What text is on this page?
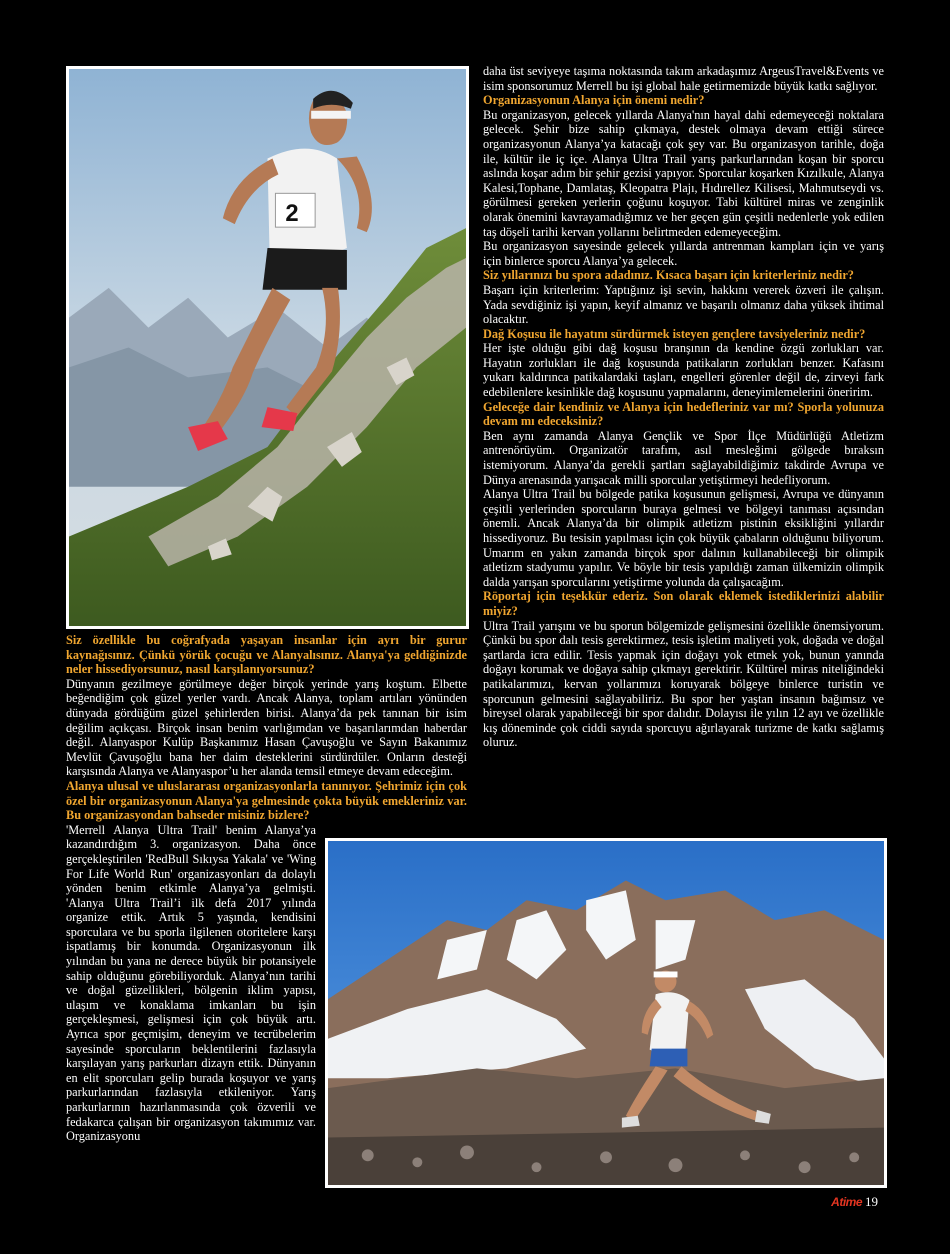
2

Siz özellikle bu coğrafyada yaşayan insanlar için ayrı bir gurur kaynağısınız. Çünkü yörük çocuğu ve Alanyalısınız. Alanya'ya geldiğinizde neler hissediyorsunuz, nasıl karşılanıyorsunuz?

Dünyanın gezilmeye görülmeye değer birçok yerinde yarış koştum. Elbette beğendiğim çok güzel yerler vardı. Ancak Alanya, toplam artıları yönünden dünyada gördüğüm güzel şehirlerden birisi. Alanya’da pek tanınan bir isim değilim açıkçası. Birçok insan benim varlığımdan ve başarılarımdan haberdar değil. Alanyaspor Kulüp Başkanımız Hasan Çavuşoğlu ve Sayın Bakanımız Mevlüt Çavuşoğlu bana her daim desteklerini sürdürdüler. Onların desteği karşısında Alanya ve Alanyaspor’u her alanda temsil etmeye devam edeceğim.

Alanya ulusal ve uluslararası organizasyonlarla tanınıyor. Şehrimiz için çok özel bir organizasyonun Alanya'ya gelmesinde çokta büyük emekleriniz var. Bu organizasyondan bahseder misiniz bizlere?

'Merrell Alanya Ultra Trail' benim Alanya’ya kazandırdığım 3. organizasyon. Daha önce gerçekleştirilen 'RedBull Sıkıysa Yakala' ve 'Wing For Life World Run' organizasyonları da dolaylı yönden benim etkimle Alanya’ya gelmişti. 'Alanya Ultra Trail’i ilk defa 2017 yılında organize ettik. Artık 5 yaşında, kendisini sporculara ve bu sporla ilgilenen otoritelere karşı ispatlamış bir konumda. Organizasyonun ilk yılından bu yana ne derece büyük bir potansiyele sahip olduğunu görebiliyorduk. Alanya’nın tarihi ve doğal güzellikleri, bölgenin iklim yapısı, ulaşım ve konaklama imkanları bu işin gerçekleşmesi, gelişmesi için çok büyük artı. Ayrıca spor geçmişim, deneyim ve tecrübelerim sayesinde sporcuların beklentilerini fazlasıyla karşılayan yarış parkurları dizayn ettik. Dünyanın en elit sporcuları gelip burada koşuyor ve yarış parkurlarından fazlasıyla etkileniyor. Yarış parkurlarının hazırlanmasında çok özverili ve fedakarca çalışan bir organizasyon takımımız var. Organizasyonu

daha üst seviyeye taşıma noktasında takım arkadaşımız ArgeusTravel&Events ve isim sponsorumuz Merrell bu işi global hale getirmemizde büyük katkı sağlıyor.

Organizasyonun Alanya için önemi nedir?

Bu organizasyon, gelecek yıllarda Alanya'nın hayal dahi edemeyeceği noktalara gelecek. Şehir bize sahip çıkmaya, destek olmaya devam ettiği sürece organizasyonun Alanya’ya katacağı çok şey var. Bu organizasyon tarihle, doğa ile, kültür ile iç içe. Alanya Ultra Trail yarış parkurlarından koşan bir sporcu aslında koşar adım bir şehir gezisi yapıyor. Sporcular koşarken Kızılkule, Alanya Kalesi,Tophane, Damlataş, Kleopatra Plajı, Hıdırellez Kilisesi, Mahmutseydi vs. görülmesi gereken yerlerin çoğunu koşuyor. Tabi kültürel miras ve zenginlik olarak önemini kavrayamadığımız ve her geçen gün çeşitli nedenlerle yok edilen taş döşeli tarihi kervan yollarını belirtmeden edemeyeceğim.

Bu organizasyon sayesinde gelecek yıllarda antrenman kampları için ve yarış için binlerce sporcu Alanya’ya gelecek.

Siz yıllarınızı bu spora adadınız. Kısaca başarı için kriterleriniz nedir?

Başarı için kriterlerim: Yaptığınız işi sevin, hakkını vererek özveri ile çalışın. Yada sevdiğiniz işi yapın, keyif almanız ve başarılı olmanız daha yüksek ihtimal olacaktır.

Dağ Koşusu ile hayatını sürdürmek isteyen gençlere tavsiyeleriniz nedir?

Her işte olduğu gibi dağ koşusu branşının da kendine özgü zorlukları var. Hayatın zorlukları ile dağ koşusunda patikaların zorlukları benzer. Kafasını yukarı kaldırınca patikalardaki taşları, engelleri görenler değil de, zirveyi fark edebilenlere kesinlikle dağ koşusunu yapmalarını, deneyimlemelerini öneririm.

Geleceğe dair kendiniz ve Alanya için hedefleriniz var mı? Sporla yolunuza devam mı edeceksiniz?

Ben aynı zamanda Alanya Gençlik ve Spor İlçe Müdürlüğü Atletizm antrenörüyüm. Organizatör tarafım, asıl mesleğimi gölgede bıraksın istemiyorum. Alanya’da gerekli şartları sağlayabildiğimiz takdirde Avrupa ve Dünya arenasında yarışacak milli sporcular yetiştirmeyi hedefliyorum.

Alanya Ultra Trail bu bölgede patika koşusunun gelişmesi, Avrupa ve dünyanın çeşitli yerlerinden sporcuların buraya gelmesi ve bölgeyi tanıması açısından önemli. Ancak Alanya’da bir olimpik atletizm pistinin eksikliğini yıllardır hissediyoruz. Bu tesisin yapılması için çok büyük çabaların olduğunu biliyorum. Umarım en yakın zamanda birçok spor dalının kullanabileceği bir olimpik atletizm stadyumu yapılır. Ve böyle bir tesis yapıldığı zaman ülkemizin olimpik dalda yarışan sporcularını yetiştirme yolunda da çalışacağım.

Röportaj için teşekkür ederiz. Son olarak eklemek istediklerinizi alabilir miyiz?

Ultra Trail yarışını ve bu sporun bölgemizde gelişmesini özellikle önemsiyorum. Çünkü bu spor dalı tesis gerektirmez, tesis işletim maliyeti yok, doğada ve doğal şartlarda icra edilir. Tesis yapmak için doğayı yok etmek yok, bunun yanında doğayı korumak ve doğaya sahip çıkmayı gerektirir. Kültürel miras niteliğindeki patikalarımızı, kervan yollarımızı koruyarak bölgeye binlerce turistin ve sporcunun gelmesini sağlayabiliriz. Bu spor her yaştan insanın bağımsız ve bireysel olarak yapabileceği bir spor dalıdır. Dolayısı ile yılın 12 ayı ve özellikle kış döneminde çok ciddi sayıda sporcuyu ağırlayarak turizme de katkı sağlamış oluruz.

Atime 19
